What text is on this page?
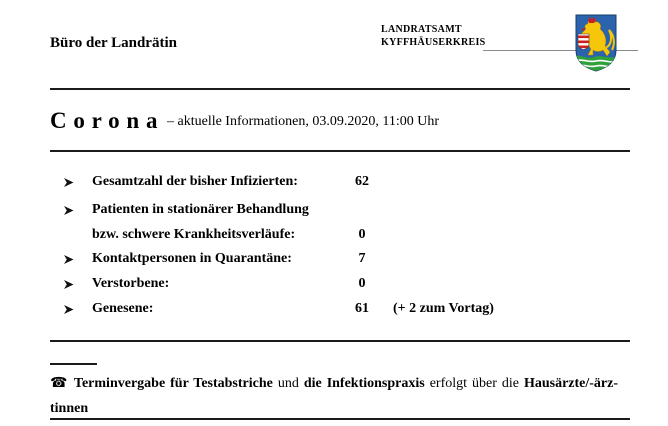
Büro der Landrätin
LANDRATSAMT
KYFFHÄUSERKREIS
C o r o n a – aktuelle Informationen, 03.09.2020, 11:00 Uhr
Gesamtzahl der bisher Infizierten:	62
Patienten in stationärer Behandlung
bzw. schwere Krankheitsverläufe:	0
Kontaktpersonen in Quarantäne:	7
Verstorbene:	0
Genesene:	61	(+ 2 zum Vortag)
☎ Terminvergabe für Testabstriche und die Infektionspraxis erfolgt über die Hausärzte/-ärz-
tinnen
